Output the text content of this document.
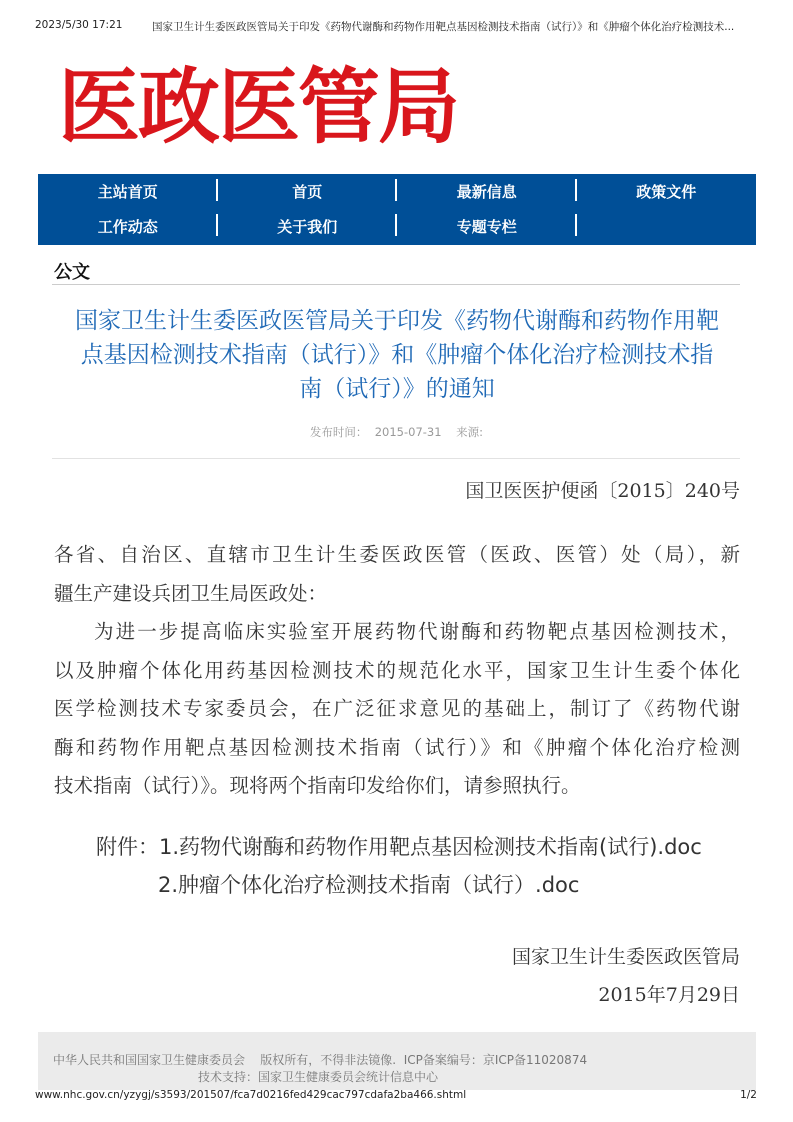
2023/5/30 17:21	国家卫生计生委医政医管局关于印发《药物代谢酶和药物作用靶点基因检测技术指南（试行）》和《肿瘤个体化治疗检测技术...
医政医管局
主站首页	首页	最新信息	政策文件
工作动态	关于我们	专题专栏
公文
国家卫生计生委医政医管局关于印发《药物代谢酶和药物作用靶
点基因检测技术指南（试行）》和《肿瘤个体化治疗检测技术指
南（试行）》的通知
发布时间：  2015-07-31    来源:
国卫医医护便函〔2015〕240号
各省、自治区、直辖市卫生计生委医政医管（医政、医管）处（局），新
疆生产建设兵团卫生局医政处：
为进一步提高临床实验室开展药物代谢酶和药物靶点基因检测技术，
以及肿瘤个体化用药基因检测技术的规范化水平，国家卫生计生委个体化
医学检测技术专家委员会，在广泛征求意见的基础上，制订了《药物代谢
酶和药物作用靶点基因检测技术指南（试行）》和《肿瘤个体化治疗检测
技术指南（试行）》。现将两个指南印发给你们，请参照执行。
附件：1.药物代谢酶和药物作用靶点基因检测技术指南(试行).doc
2.肿瘤个体化治疗检测技术指南（试行）.doc
国家卫生计生委医政医管局
2015年7月29日
中华人民共和国国家卫生健康委员会    版权所有，不得非法镜像.  ICP备案编号：京ICP备11020874
技术支持：国家卫生健康委员会统计信息中心
www.nhc.gov.cn/yzygj/s3593/201507/fca7d0216fed429cac797cdafa2ba466.shtml	1/2
